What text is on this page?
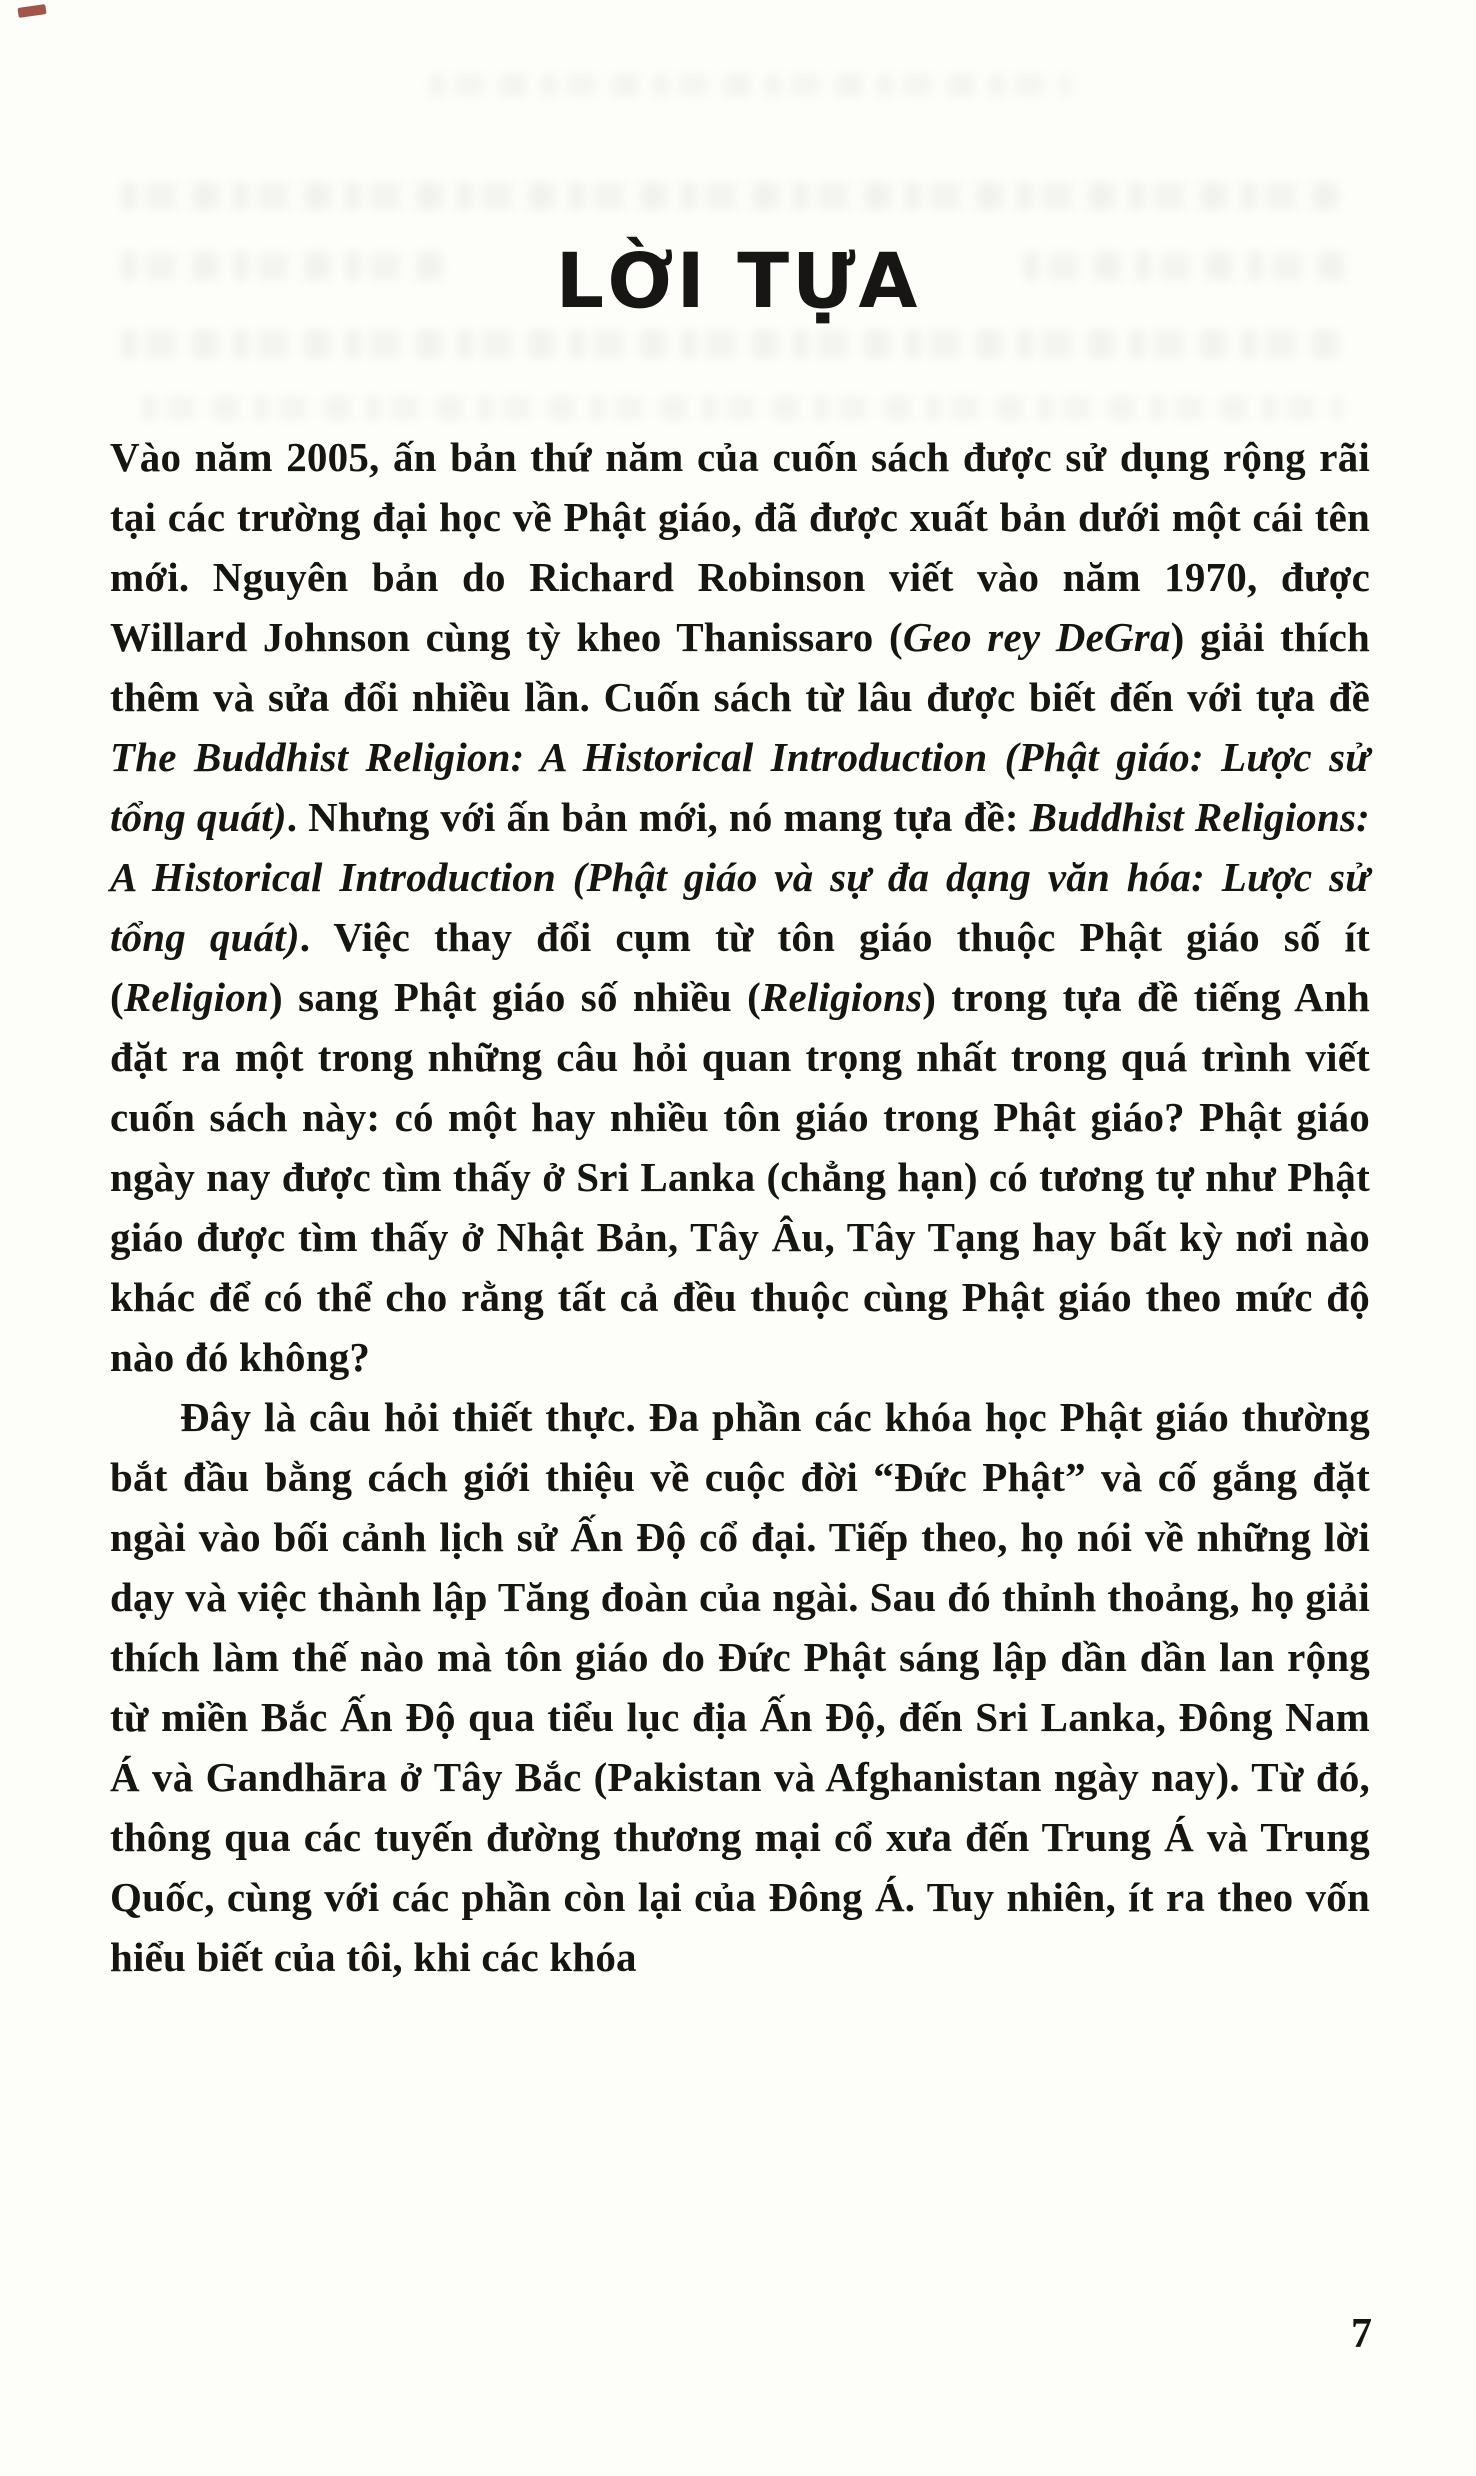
LỜI TỰA

Vào năm 2005, ấn bản thứ năm của cuốn sách được sử dụng rộng rãi tại các trường đại học về Phật giáo, đã được xuất bản dưới một cái tên mới. Nguyên bản do Richard Robinson viết vào năm 1970, được Willard Johnson cùng tỳ kheo Thanissaro (Geo rey DeGra) giải thích thêm và sửa đổi nhiều lần. Cuốn sách từ lâu được biết đến với tựa đề The Buddhist Religion: A Historical Introduction (Phật giáo: Lược sử tổng quát). Nhưng với ấn bản mới, nó mang tựa đề: Buddhist Religions: A Historical Introduction (Phật giáo và sự đa dạng văn hóa: Lược sử tổng quát). Việc thay đổi cụm từ tôn giáo thuộc Phật giáo số ít (Religion) sang Phật giáo số nhiều (Religions) trong tựa đề tiếng Anh đặt ra một trong những câu hỏi quan trọng nhất trong quá trình viết cuốn sách này: có một hay nhiều tôn giáo trong Phật giáo? Phật giáo ngày nay được tìm thấy ở Sri Lanka (chẳng hạn) có tương tự như Phật giáo được tìm thấy ở Nhật Bản, Tây Âu, Tây Tạng hay bất kỳ nơi nào khác để có thể cho rằng tất cả đều thuộc cùng Phật giáo theo mức độ nào đó không?

Đây là câu hỏi thiết thực. Đa phần các khóa học Phật giáo thường bắt đầu bằng cách giới thiệu về cuộc đời “Đức Phật” và cố gắng đặt ngài vào bối cảnh lịch sử Ấn Độ cổ đại. Tiếp theo, họ nói về những lời dạy và việc thành lập Tăng đoàn của ngài. Sau đó thỉnh thoảng, họ giải thích làm thế nào mà tôn giáo do Đức Phật sáng lập dần dần lan rộng từ miền Bắc Ấn Độ qua tiểu lục địa Ấn Độ, đến Sri Lanka, Đông Nam Á và Gandhāra ở Tây Bắc (Pakistan và Afghanistan ngày nay). Từ đó, thông qua các tuyến đường thương mại cổ xưa đến Trung Á và Trung Quốc, cùng với các phần còn lại của Đông Á. Tuy nhiên, ít ra theo vốn hiểu biết của tôi, khi các khóa

7
